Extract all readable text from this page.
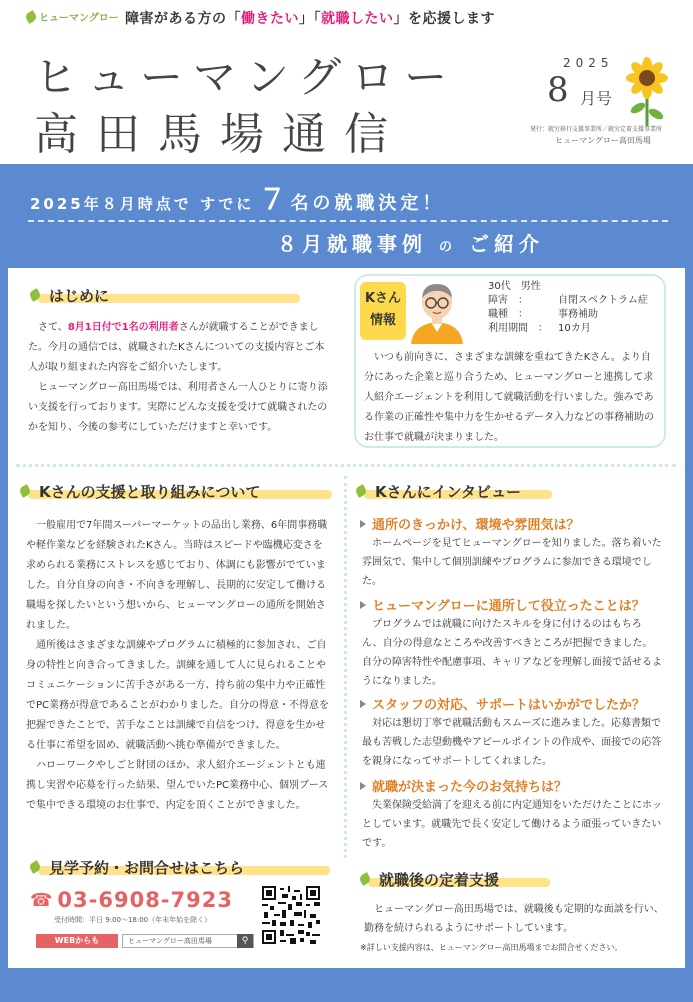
ヒューマングロー 障害がある方の「働きたい」「就職したい」を応援します
ヒューマングロー
高田馬場通信
2025
8 月号
発行：就労移行支援事業所／就労定着支援事業所
ヒューマングロー高田馬場
2025年８月時点で すでに ７ 名の就職決定！
８月就職事例 の ご紹介
はじめに

さて、8月1日付で1名の利用者さんが就職することができました。今月の通信では、就職されたKさんについての支援内容とご本人が取り組まれた内容をご紹介いたします。

ヒューマングロー高田馬場では、利用者さん一人ひとりに寄り添い支援を行っております。実際にどんな支援を受けて就職されたのかを知り、今後の参考にしていただけますと幸いです。

Kさん
情報
30代　男性
障害　：	自閉スペクトラム症
職種　：	事務補助
利用期間　：	10カ月
いつも前向きに、さまざまな訓練を重ねてきたKさん。より自分にあった企業と巡り合うため、ヒューマングローと連携して求人紹介エージェントを利用して就職活動を行いました。強みである作業の正確性や集中力を生かせるデータ入力などの事務補助のお仕事で就職が決まりました。
Kさんの支援と取り組みについて

一般雇用で7年間スーパーマーケットの品出し業務、6年間事務職や軽作業などを経験されたKさん。当時はスピードや臨機応変さを求められる業務にストレスを感じており、体調にも影響がでていました。自分自身の向き・不向きを理解し、長期的に安定して働ける職場を探したいという想いから、ヒューマングローの通所を開始されました。

通所後はさまざまな訓練やプログラムに積極的に参加され、ご自身の特性と向き合ってきました。訓練を通して人に見られることやコミュニケーションに苦手さがある一方、持ち前の集中力や正確性でPC業務が得意であることがわかりました。自分の得意・不得意を把握できたことで、苦手なことは訓練で自信をつけ、得意を生かせる仕事に希望を固め、就職活動へ挑む準備ができました。

ハローワークやしごと財団のほか、求人紹介エージェントとも連携し実習や応募を行った結果、望んでいたPC業務中心、個別ブースで集中できる環境のお仕事で、内定を頂くことができました。

Kさんにインタビュー
通所のきっかけ、環境や雰囲気は？
ホームページを見てヒューマングローを知りました。落ち着いた雰囲気で、集中して個別訓練やプログラムに参加できる環境でした。
ヒューマングローに通所して役立ったことは？
プログラムでは就職に向けたスキルを身に付けるのはもちろん、自分の得意なところや改善すべきところが把握できました。自分の障害特性や配慮事項、キャリアなどを理解し面接で話せるようになりました。
スタッフの対応、サポートはいかがでしたか？
対応は懇切丁寧で就職活動もスムーズに進みました。応募書類で最も苦戦した志望動機やアピールポイントの作成や、面接での応答を親身になってサポートしてくれました。
就職が決まった今のお気持ちは？
失業保険受給満了を迎える前に内定通知をいただけたことにホッとしています。就職先で長く安定して働けるよう頑張っていきたいです。
見学予約・お問合せはこちら
☎ 03-6908-7923
受付時間：平日 9:00～18:00（年末年始を除く）
WEBからも	ヒューマングロー高田馬場	⚲
就職後の定着支援
ヒューマングロー高田馬場では、就職後も定期的な面談を行い、勤務を続けられるようにサポートしています。
※詳しい支援内容は、ヒューマングロー高田馬場までお問合せください。
